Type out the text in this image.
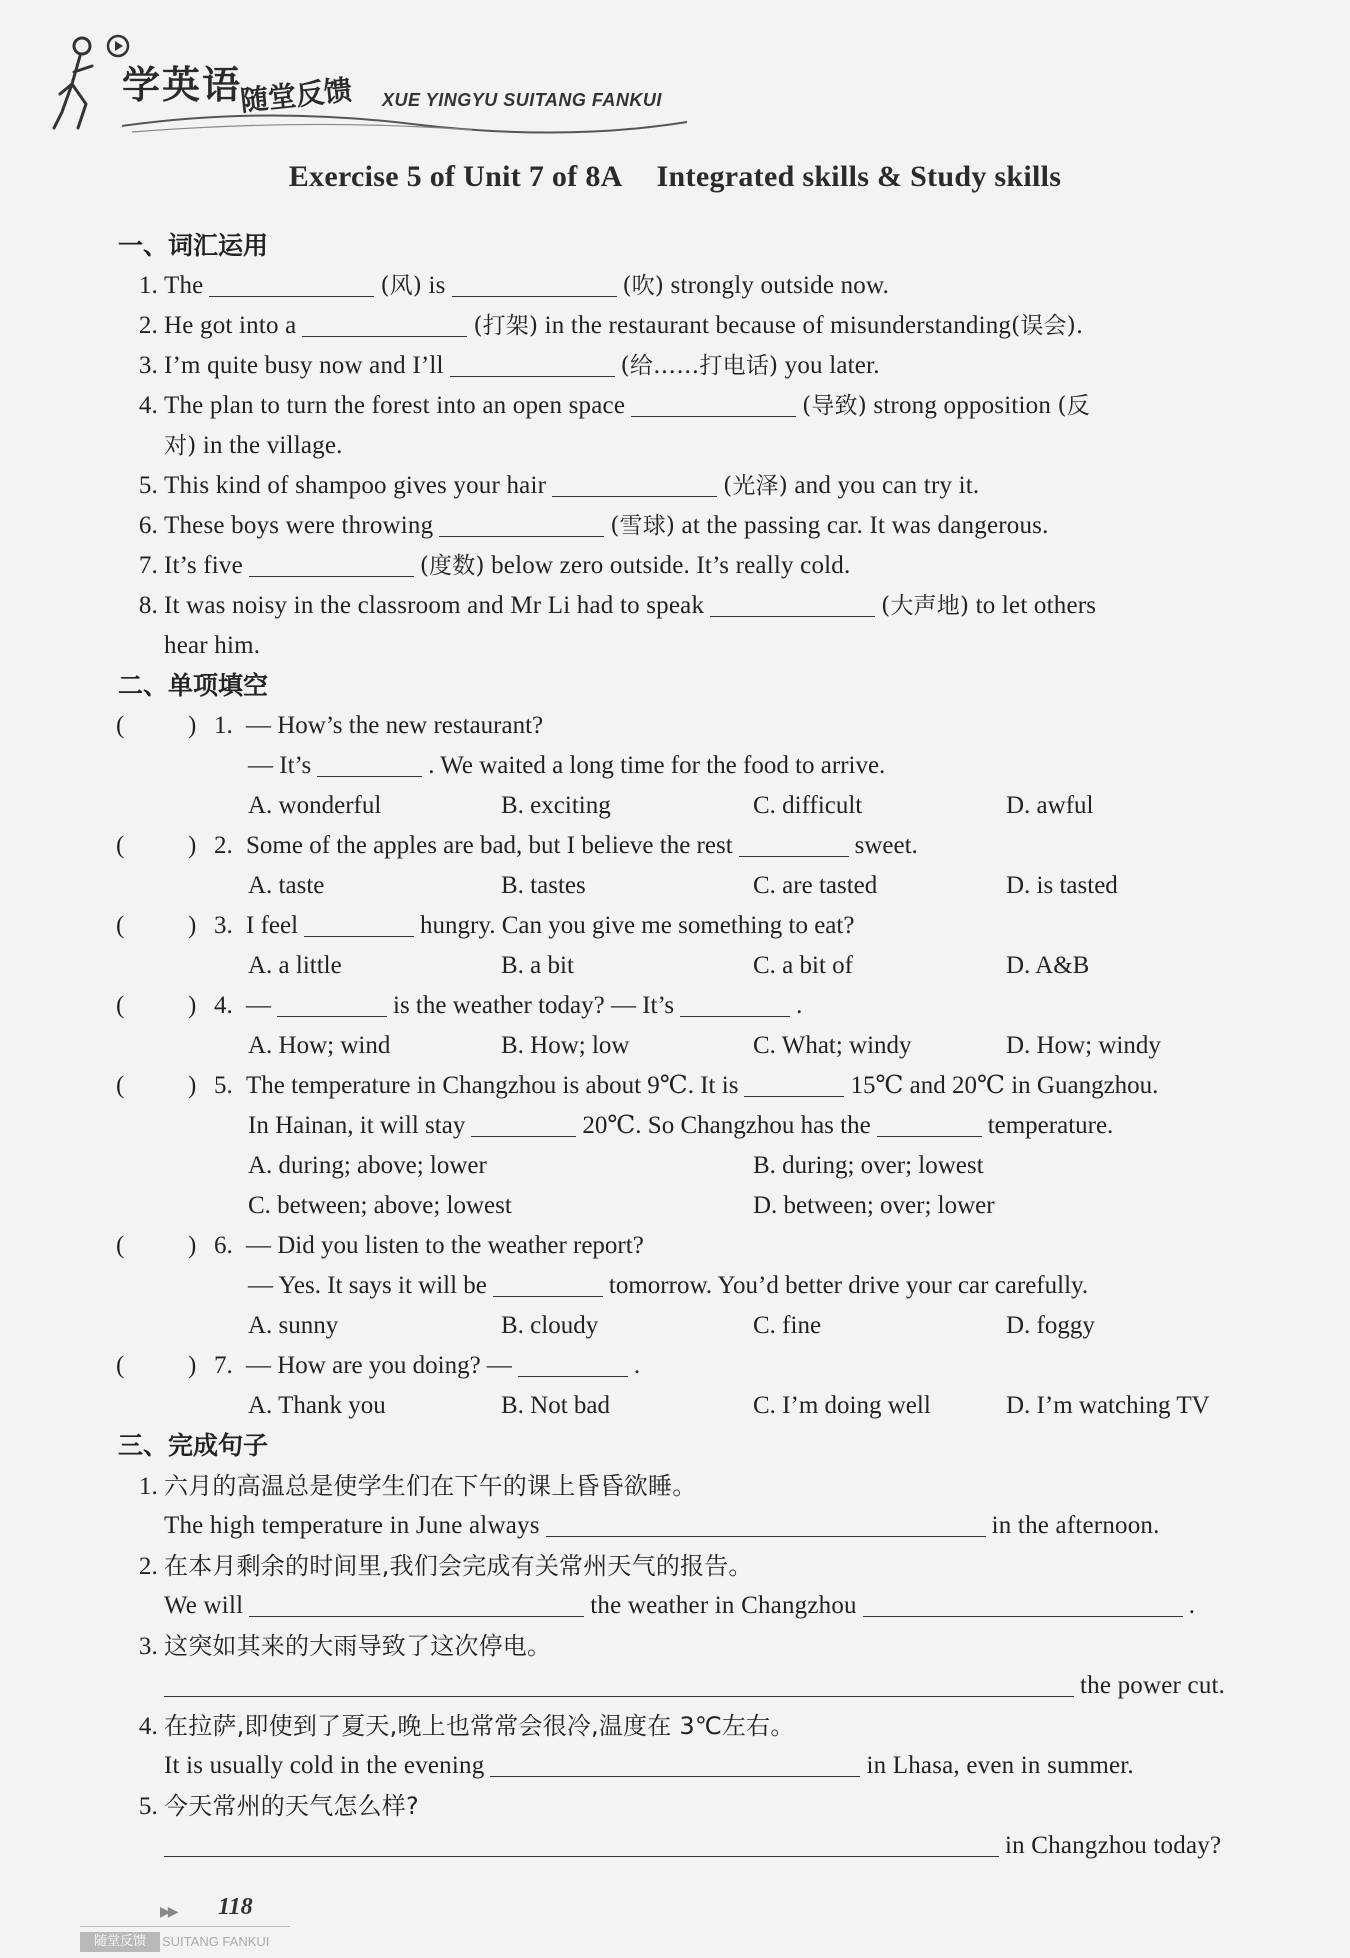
学英语
随堂反馈 XUE YINGYU SUITANG FANKUI
Exercise 5 of Unit 7 of 8A Integrated skills & Study skills
一、词汇运用
1. The	(风) is	(吹) strongly outside now.
2. He got into a	(打架) in the restaurant because of misunderstanding(误会).
3. I’m quite busy now and I’ll	(给……打电话) you later.
4. The plan to turn the forest into an open space	(导致) strong opposition (反
对) in the village.
5. This kind of shampoo gives your hair	(光泽) and you can try it.
6. These boys were throwing	(雪球) at the passing car. It was dangerous.
7. It’s five	(度数) below zero outside. It’s really cold.
8. It was noisy in the classroom and Mr Li had to speak	(大声地) to let others
hear him.
二、单项填空
(	) 1. — How’s the new restaurant?
— It’s	. We waited a long time for the food to arrive.
A. wonderful	B. exciting	C. difficult	D. awful
(	) 2. Some of the apples are bad, but I believe the rest	sweet.
A. taste	B. tastes	C. are tasted	D. is tasted
(	) 3. I feel	hungry. Can you give me something to eat?
A. a little	B. a bit	C. a bit of	D. A&B
(	) 4. —	is the weather today? — It’s	.
A. How; wind	B. How; low	C. What; windy	D. How; windy
(	) 5. The temperature in Changzhou is about 9℃. It is	15℃ and 20℃ in Guangzhou.
In Hainan, it will stay	20℃. So Changzhou has the	temperature.
A. during; above; lower	B. during; over; lowest
C. between; above; lowest	D. between; over; lower
(	) 6. — Did you listen to the weather report?
— Yes. It says it will be	tomorrow. You’d better drive your car carefully.
A. sunny	B. cloudy	C. fine	D. foggy
(	) 7. — How are you doing? —	.
A. Thank you	B. Not bad	C. I’m doing well	D. I’m watching TV
三、完成句子
1. 六月的高温总是使学生们在下午的课上昏昏欲睡。
The high temperature in June always	in the afternoon.
2. 在本月剩余的时间里,我们会完成有关常州天气的报告。
We will	the weather in Changzhou	.
3. 这突如其来的大雨导致了这次停电。
the power cut.
4. 在拉萨,即使到了夏天,晚上也常常会很冷,温度在 3℃左右。
It is usually cold in the evening	in Lhasa, even in summer.
5. 今天常州的天气怎么样?
in Changzhou today?
▶▶ 118
随堂反馈	SUITANG FANKUI
